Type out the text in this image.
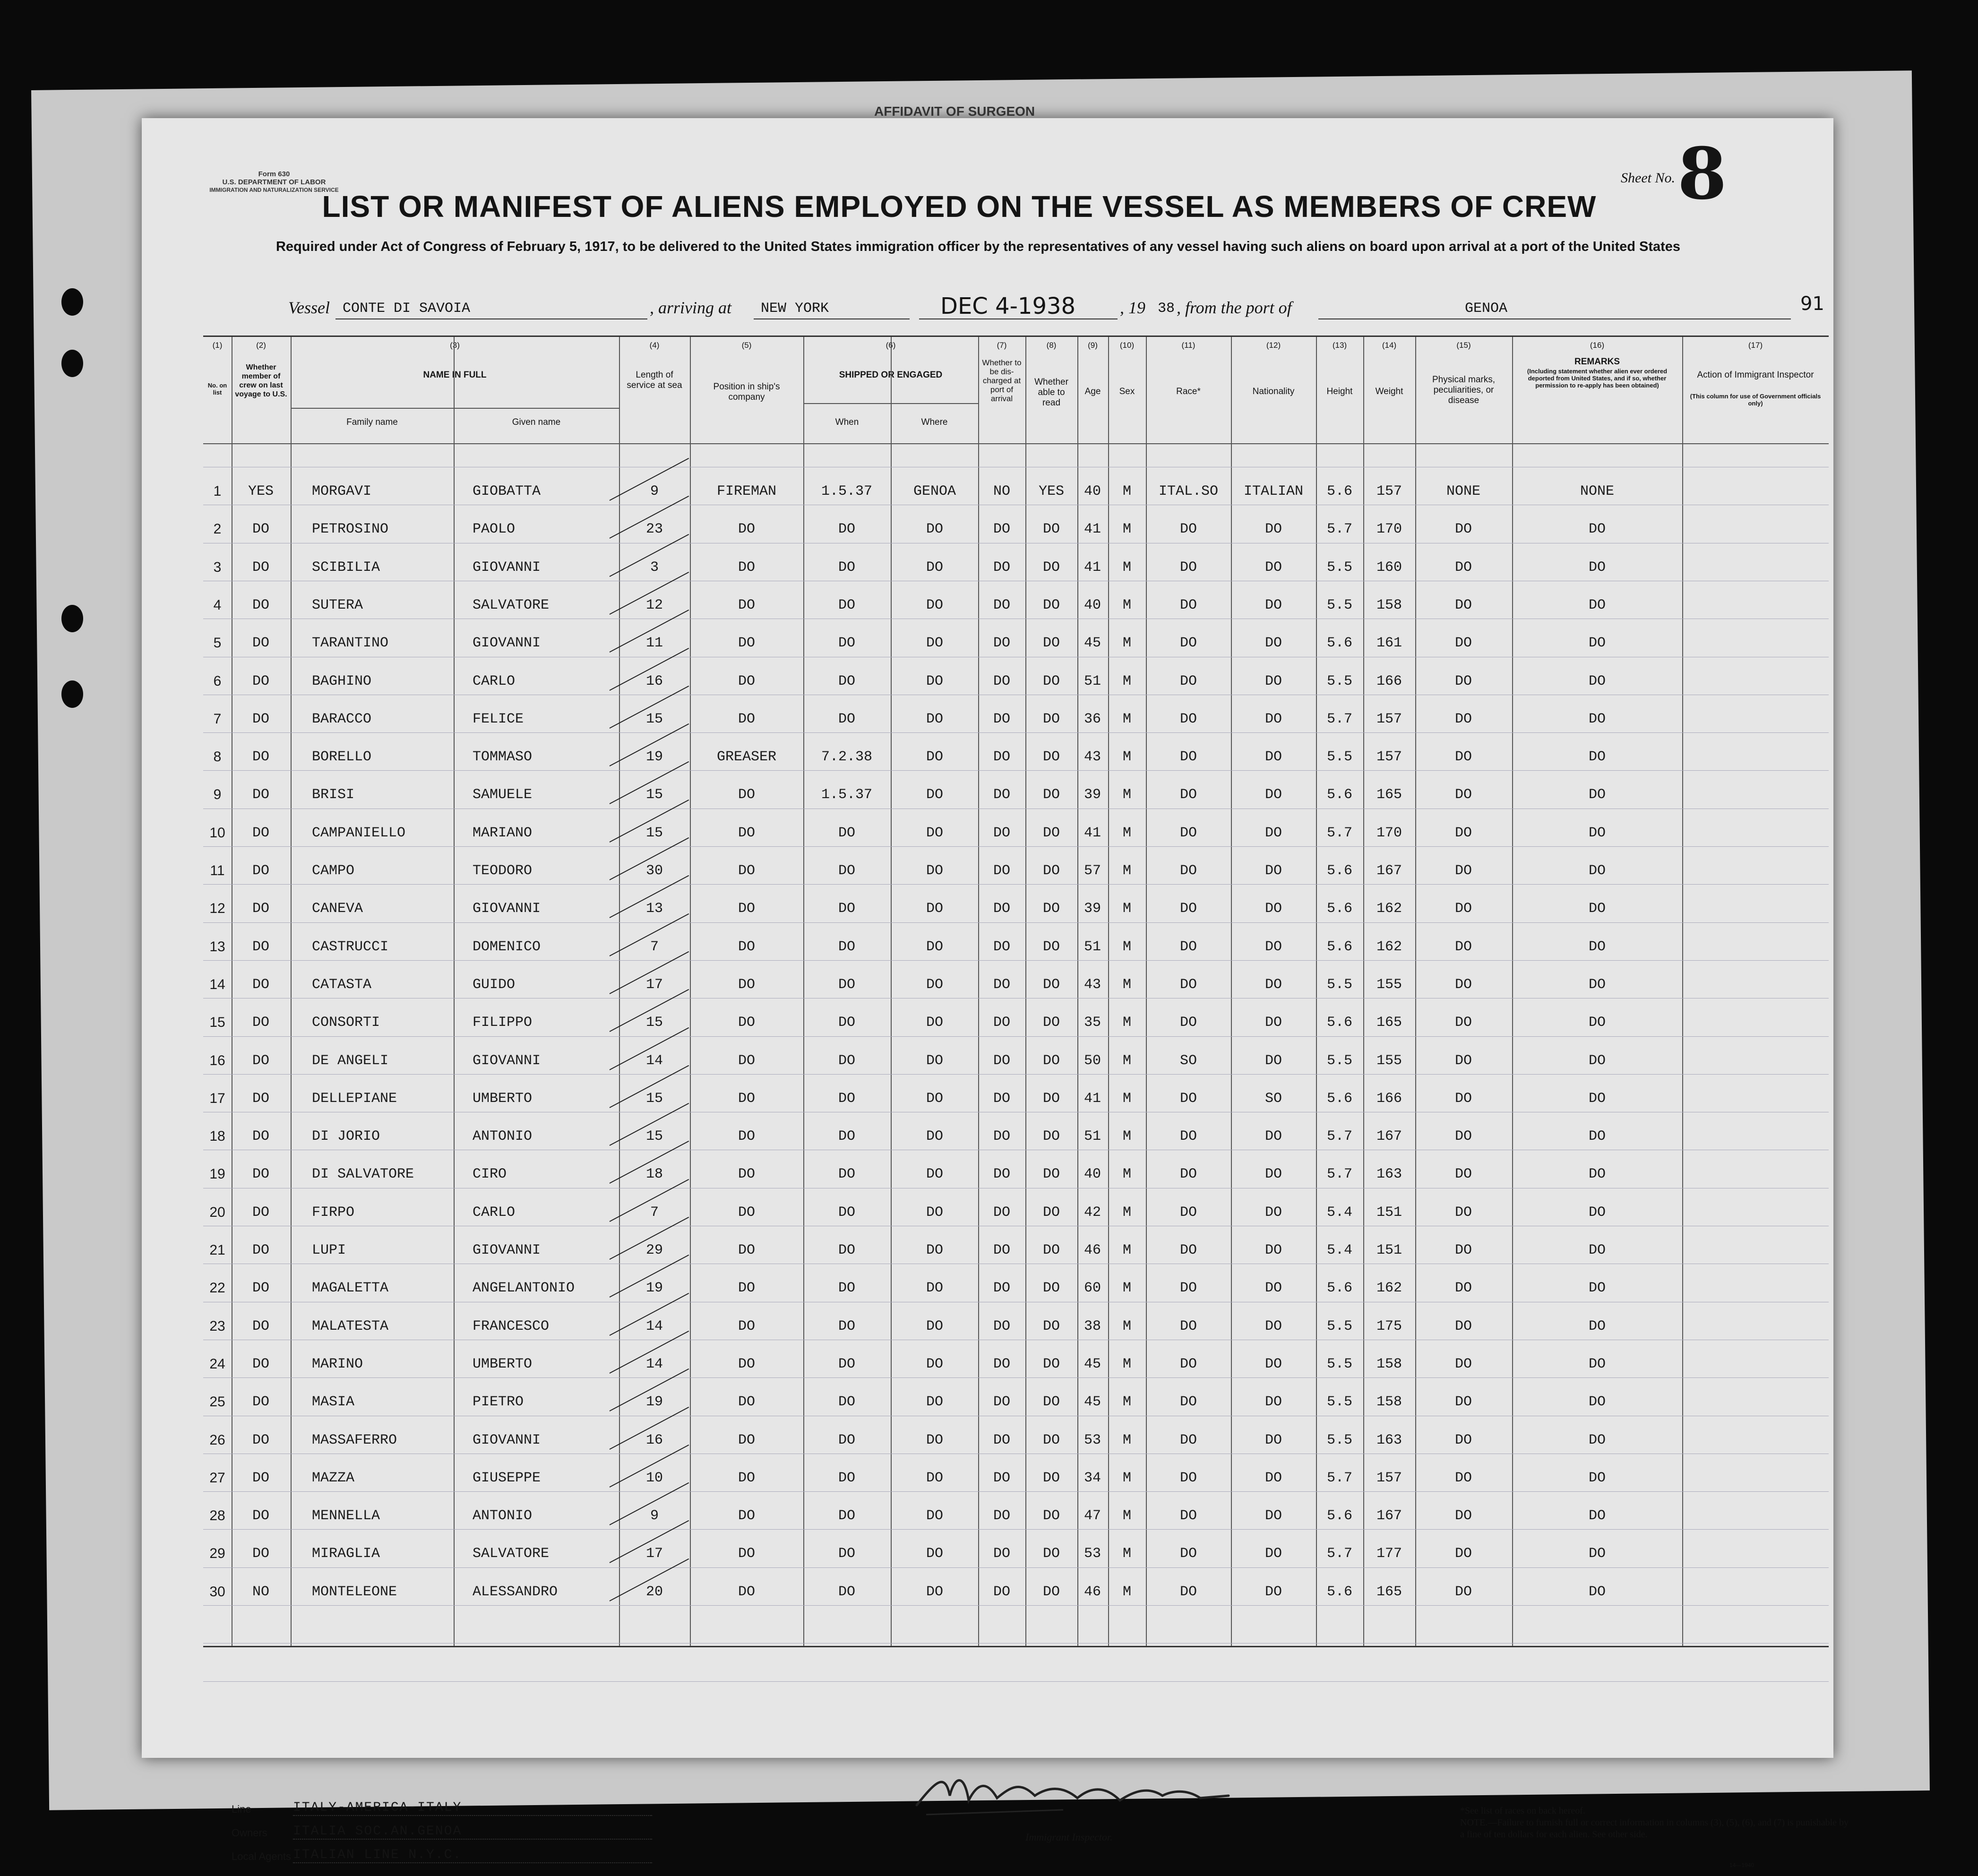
AFFIDAVIT OF SURGEON
Form 630
U.S. DEPARTMENT OF LABOR
IMMIGRATION AND NATURALIZATION SERVICE
Sheet No. 8
LIST OR MANIFEST OF ALIENS EMPLOYED ON THE VESSEL AS MEMBERS OF CREW
Required under Act of Congress of February 5, 1917, to be delivered to the United States immigration officer by the representatives of any vessel having such aliens on board upon arrival at a port of the United States
Vessel CONTE DI SAVOIA	, arriving at NEW YORK	DEC 4-1938	, 19 38 , from the port of	GENOA	91
(1)	(2)	(3)	(4)	(5)	(6)	(7)	(8)	(9)	(10)	(11)	(12)	(13)	(14)	(15)	(16)	(17)
No. on list
Whether member of crew on last voyage to U.S.
NAME IN FULL
Family name	Given name
Length of service at sea	Position in ship's company
SHIPPED OR ENGAGED
When	Where
Whether to be dis-charged at port of arrival
Whether able to read
Age	Sex	Race*	Nationality	Height	Weight
Physical marks, peculiarities, or disease
REMARKS
(Including statement whether alien ever ordered deported from United States, and if so, whether permission to re-apply has been obtained)
Action of Immigrant Inspector
(This column for use of Government officials only)
1	YES	MORGAVI	GIOBATTA	9	FIREMAN	1.5.37	GENOA	NO	YES	40	M	ITAL.SO	ITALIAN	5.6	157	NONE	NONE
2	DO	PETROSINO	PAOLO	23	DO	DO	DO	DO	DO	41	M	DO	DO	5.7	170	DO	DO
3	DO	SCIBILIA	GIOVANNI	3	DO	DO	DO	DO	DO	41	M	DO	DO	5.5	160	DO	DO
4	DO	SUTERA	SALVATORE	12	DO	DO	DO	DO	DO	40	M	DO	DO	5.5	158	DO	DO
5	DO	TARANTINO	GIOVANNI	11	DO	DO	DO	DO	DO	45	M	DO	DO	5.6	161	DO	DO
6	DO	BAGHINO	CARLO	16	DO	DO	DO	DO	DO	51	M	DO	DO	5.5	166	DO	DO
7	DO	BARACCO	FELICE	15	DO	DO	DO	DO	DO	36	M	DO	DO	5.7	157	DO	DO
8	DO	BORELLO	TOMMASO	19	GREASER	7.2.38	DO	DO	DO	43	M	DO	DO	5.5	157	DO	DO
9	DO	BRISI	SAMUELE	15	DO	1.5.37	DO	DO	DO	39	M	DO	DO	5.6	165	DO	DO
10	DO	CAMPANIELLO	MARIANO	15	DO	DO	DO	DO	DO	41	M	DO	DO	5.7	170	DO	DO
11	DO	CAMPO	TEODORO	30	DO	DO	DO	DO	DO	57	M	DO	DO	5.6	167	DO	DO
12	DO	CANEVA	GIOVANNI	13	DO	DO	DO	DO	DO	39	M	DO	DO	5.6	162	DO	DO
13	DO	CASTRUCCI	DOMENICO	7	DO	DO	DO	DO	DO	51	M	DO	DO	5.6	162	DO	DO
14	DO	CATASTA	GUIDO	17	DO	DO	DO	DO	DO	43	M	DO	DO	5.5	155	DO	DO
15	DO	CONSORTI	FILIPPO	15	DO	DO	DO	DO	DO	35	M	DO	DO	5.6	165	DO	DO
16	DO	DE ANGELI	GIOVANNI	14	DO	DO	DO	DO	DO	50	M	SO	DO	5.5	155	DO	DO
17	DO	DELLEPIANE	UMBERTO	15	DO	DO	DO	DO	DO	41	M	DO	SO	5.6	166	DO	DO
18	DO	DI JORIO	ANTONIO	15	DO	DO	DO	DO	DO	51	M	DO	DO	5.7	167	DO	DO
19	DO	DI SALVATORE	CIRO	18	DO	DO	DO	DO	DO	40	M	DO	DO	5.7	163	DO	DO
20	DO	FIRPO	CARLO	7	DO	DO	DO	DO	DO	42	M	DO	DO	5.4	151	DO	DO
21	DO	LUPI	GIOVANNI	29	DO	DO	DO	DO	DO	46	M	DO	DO	5.4	151	DO	DO
22	DO	MAGALETTA	ANGELANTONIO	19	DO	DO	DO	DO	DO	60	M	DO	DO	5.6	162	DO	DO
23	DO	MALATESTA	FRANCESCO	14	DO	DO	DO	DO	DO	38	M	DO	DO	5.5	175	DO	DO
24	DO	MARINO	UMBERTO	14	DO	DO	DO	DO	DO	45	M	DO	DO	5.5	158	DO	DO
25	DO	MASIA	PIETRO	19	DO	DO	DO	DO	DO	45	M	DO	DO	5.5	158	DO	DO
26	DO	MASSAFERRO	GIOVANNI	16	DO	DO	DO	DO	DO	53	M	DO	DO	5.5	163	DO	DO
27	DO	MAZZA	GIUSEPPE	10	DO	DO	DO	DO	DO	34	M	DO	DO	5.7	157	DO	DO
28	DO	MENNELLA	ANTONIO	9	DO	DO	DO	DO	DO	47	M	DO	DO	5.6	167	DO	DO
29	DO	MIRAGLIA	SALVATORE	17	DO	DO	DO	DO	DO	53	M	DO	DO	5.7	177	DO	DO
30	NO	MONTELEONE	ALESSANDRO	20	DO	DO	DO	DO	DO	46	M	DO	DO	5.6	165	DO	DO
Line	ITALY-AMERICA-ITALY
Owners ITALIA SOC.AN.GENOA
Local Agents ITALIAN LINE N.Y.C.
Immigrant Inspector.
*See list of races on back hereof.
NOTE.—Failure to furnish full or correct information in columns (3), (5), (6), and (7) is punishable by a fine of ten dollars for each alien. See other side.
14—1940
